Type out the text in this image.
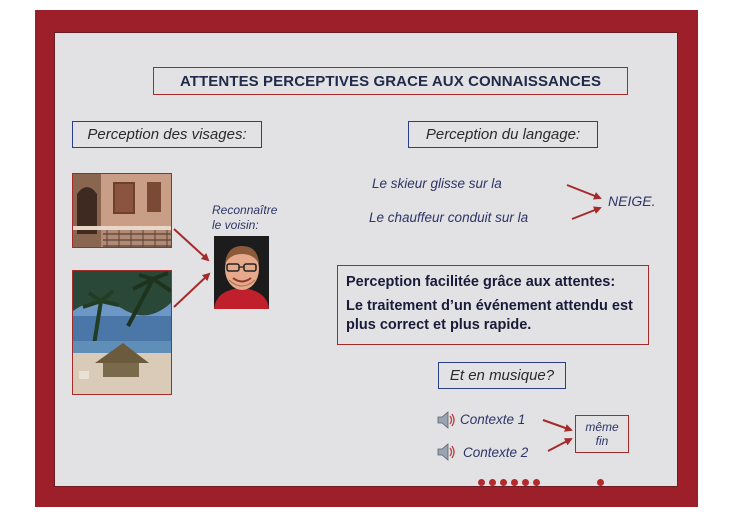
ATTENTES PERCEPTIVES GRACE AUX CONNAISSANCES
Perception des visages:
Reconnaître
le voisin:
Perception du langage:
Le skieur glisse sur la
Le chauffeur conduit sur la
NEIGE.

Perception facilitée grâce aux attentes:

Le traitement d’un événement attendu est plus correct et plus rapide.

Et en musique?
Contexte 1
Contexte 2
même
fin
